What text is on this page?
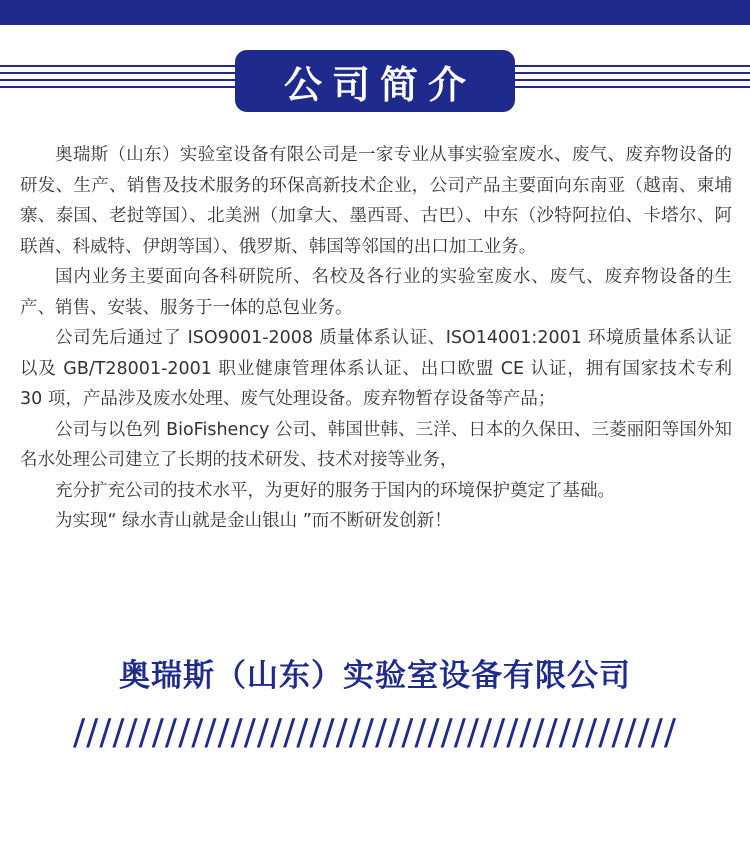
公司简介

奥瑞斯（山东）实验室设备有限公司是一家专业从事实验室废水、废气、废弃物设备的研发、生产、销售及技术服务的环保高新技术企业，公司产品主要面向东南亚（越南、柬埔寨、泰国、老挝等国）、北美洲（加拿大、墨西哥、古巴）、中东（沙特阿拉伯、卡塔尔、阿联酋、科威特、伊朗等国）、俄罗斯、韩国等邻国的出口加工业务。

国内业务主要面向各科研院所、名校及各行业的实验室废水、废气、废弃物设备的生产、销售、安装、服务于一体的总包业务。

公司先后通过了 ISO9001-2008 质量体系认证、ISO14001:2001 环境质量体系认证以及 GB/T28001-2001 职业健康管理体系认证、出口欧盟 CE 认证，拥有国家技术专利 30 项，产品涉及废水处理、废气处理设备。废弃物暂存设备等产品；

公司与以色列 BioFishency 公司、韩国世韩、三洋、日本的久保田、三菱丽阳等国外知名水处理公司建立了长期的技术研发、技术对接等业务，

充分扩充公司的技术水平，为更好的服务于国内的环境保护奠定了基础。

为实现“ 绿水青山就是金山银山 ”而不断研发创新！

奥瑞斯（山东）实验室设备有限公司
//////////////////////////////////////////////
